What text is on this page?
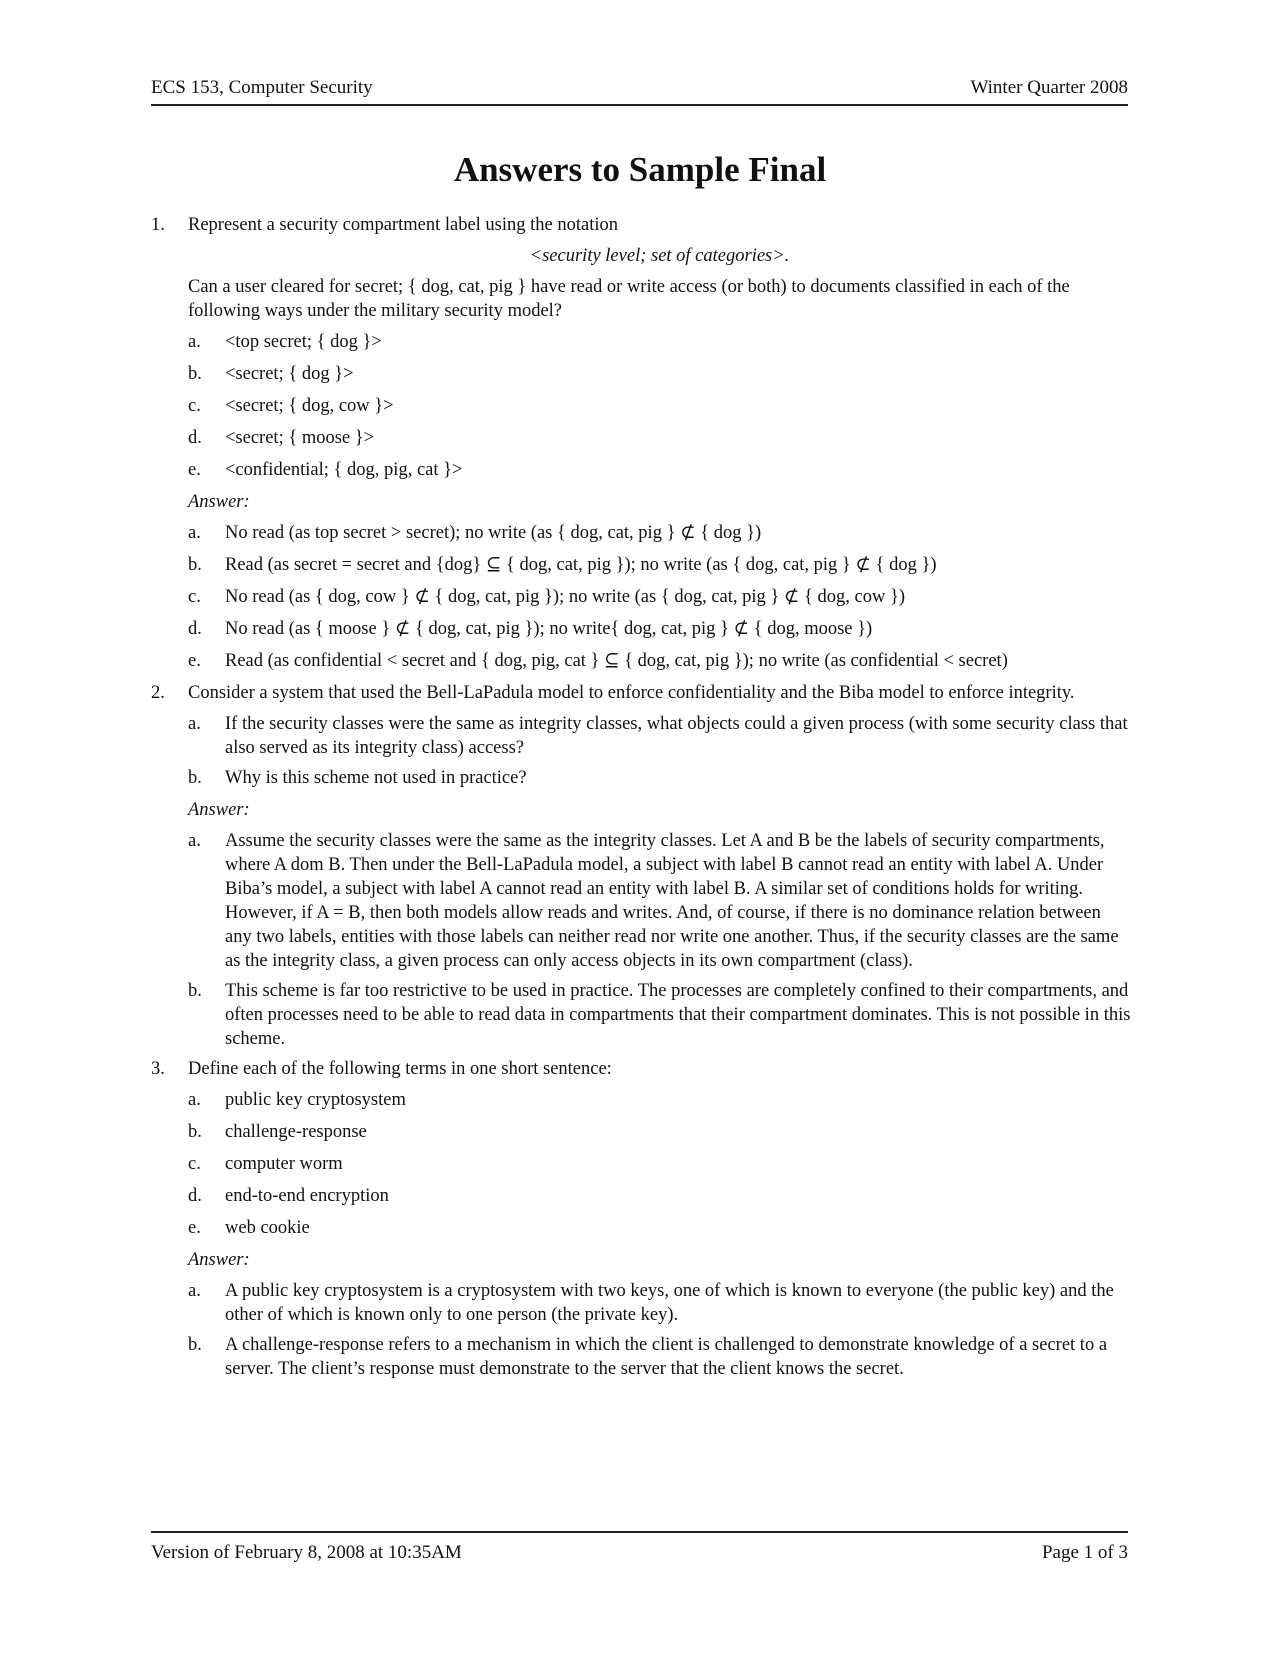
ECS 153, Computer Security	Winter Quarter 2008
Answers to Sample Final
1.	Represent a security compartment label using the notation
<security level; set of categories>.
Can a user cleared for secret; { dog, cat, pig } have read or write access (or both) to documents classified in each of the following ways under the military security model?
a.	<top secret; { dog }>
b.	<secret; { dog }>
c.	<secret; { dog, cow }>
d.	<secret; { moose }>
e.	<confidential; { dog, pig, cat }>
Answer:
a.	No read (as top secret > secret); no write (as { dog, cat, pig } ⊄ { dog })
b.	Read (as secret = secret and {dog} ⊆ { dog, cat, pig }); no write (as { dog, cat, pig } ⊄ { dog })
c.	No read (as { dog, cow } ⊄ { dog, cat, pig }); no write (as { dog, cat, pig } ⊄ { dog, cow })
d.	No read (as { moose } ⊄ { dog, cat, pig }); no write{ dog, cat, pig } ⊄ { dog, moose })
e.	Read (as confidential < secret and { dog, pig, cat } ⊆ { dog, cat, pig }); no write (as confidential < secret)
2.	Consider a system that used the Bell-LaPadula model to enforce confidentiality and the Biba model to enforce integrity.
a.	If the security classes were the same as integrity classes, what objects could a given process (with some security class that also served as its integrity class) access?
b.	Why is this scheme not used in practice?
Answer:
a.	Assume the security classes were the same as the integrity classes. Let A and B be the labels of security compartments, where A dom B. Then under the Bell-LaPadula model, a subject with label B cannot read an entity with label A. Under Biba’s model, a subject with label A cannot read an entity with label B. A similar set of conditions holds for writing. However, if A = B, then both models allow reads and writes. And, of course, if there is no dominance relation between any two labels, entities with those labels can neither read nor write one another. Thus, if the security classes are the same as the integrity class, a given process can only access objects in its own compartment (class).
b.	This scheme is far too restrictive to be used in practice. The processes are completely confined to their compartments, and often processes need to be able to read data in compartments that their compartment dominates. This is not possible in this scheme.
3.	Define each of the following terms in one short sentence:
a.	public key cryptosystem
b.	challenge-response
c.	computer worm
d.	end-to-end encryption
e.	web cookie
Answer:
a.	A public key cryptosystem is a cryptosystem with two keys, one of which is known to everyone (the public key) and the other of which is known only to one person (the private key).
b.	A challenge-response refers to a mechanism in which the client is challenged to demonstrate knowledge of a secret to a server. The client’s response must demonstrate to the server that the client knows the secret.
Version of February 8, 2008 at 10:35AM	Page 1 of 3
